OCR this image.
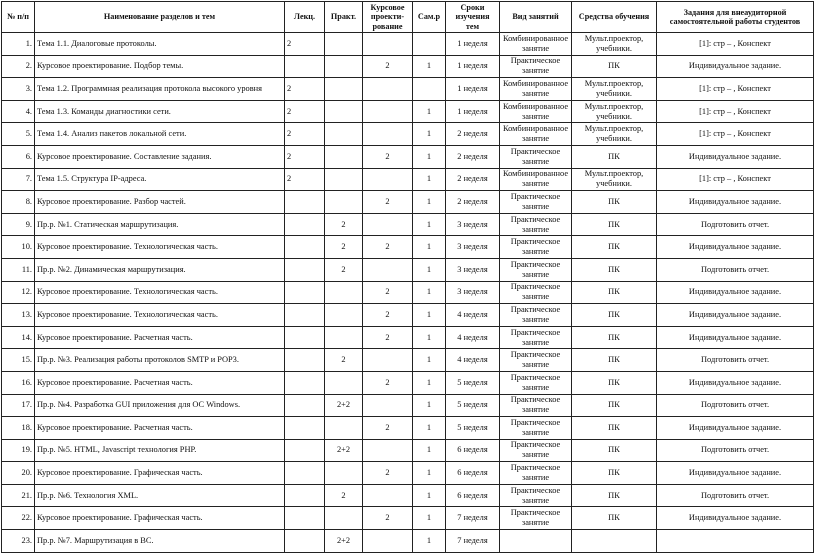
№ п/п	Наименование разделов и тем	Лекц.	Практ.	Курсовое проекти-рование	Сам.р	Сроки изучения тем	Вид занятий	Средства обучения	Задания для внеаудиторной самостоятельной работы студентов
1.	Тема 1.1. Диалоговые протоколы.	2				1 неделя	Комбинированное занятие	Мульт.проектор, учебники.	[1]: стр – , Конспект
2.	Курсовое проектирование. Подбор темы.			2	1	1 неделя	Практическое занятие	ПК	Индивидуальное задание.
3.	Тема 1.2. Программная реализация протокола высокого уровня	2				1 неделя	Комбинированное занятие	Мульт.проектор, учебники.	[1]: стр – , Конспект
4.	Тема 1.3. Команды диагностики сети.	2			1	1 неделя	Комбинированное занятие	Мульт.проектор, учебники.	[1]: стр – , Конспект
5.	Тема 1.4. Анализ пакетов локальной сети.	2			1	2 неделя	Комбинированное занятие	Мульт.проектор, учебники.	[1]: стр – , Конспект
6.	Курсовое проектирование. Составление задания.	2		2	1	2 неделя	Практическое занятие	ПК	Индивидуальное задание.
7.	Тема 1.5. Структура IP-адреса.	2			1	2 неделя	Комбинированное занятие	Мульт.проектор, учебники.	[1]: стр – , Конспект
8.	Курсовое проектирование. Разбор частей.			2	1	2 неделя	Практическое занятие	ПК	Индивидуальное задание.
9.	Пр.р. №1. Статическая маршрутизация.		2		1	3 неделя	Практическое занятие	ПК	Подготовить отчет.
10.	Курсовое проектирование. Технологическая часть.		2	2	1	3 неделя	Практическое занятие	ПК	Индивидуальное задание.
11.	Пр.р. №2. Динамическая маршрутизация.		2		1	3 неделя	Практическое занятие	ПК	Подготовить отчет.
12.	Курсовое проектирование. Технологическая часть.			2	1	3 неделя	Практическое занятие	ПК	Индивидуальное задание.
13.	Курсовое проектирование. Технологическая часть.			2	1	4 неделя	Практическое занятие	ПК	Индивидуальное задание.
14.	Курсовое проектирование. Расчетная часть.			2	1	4 неделя	Практическое занятие	ПК	Индивидуальное задание.
15.	Пр.р. №3. Реализация работы протоколов SMTP и POP3.		2		1	4 неделя	Практическое занятие	ПК	Подготовить отчет.
16.	Курсовое проектирование. Расчетная часть.			2	1	5 неделя	Практическое занятие	ПК	Индивидуальное задание.
17.	Пр.р. №4. Разработка GUI приложения для ОС Windows.		2+2		1	5 неделя	Практическое занятие	ПК	Подготовить отчет.
18.	Курсовое проектирование. Расчетная часть.			2	1	5 неделя	Практическое занятие	ПК	Индивидуальное задание.
19.	Пр.р. №5. HTML, Javascript технология PHP.		2+2		1	6 неделя	Практическое занятие	ПК	Подготовить отчет.
20.	Курсовое проектирование. Графическая часть.			2	1	6 неделя	Практическое занятие	ПК	Индивидуальное задание.
21.	Пр.р. №6. Технология XML.		2		1	6 неделя	Практическое занятие	ПК	Подготовить отчет.
22.	Курсовое проектирование. Графическая часть.			2	1	7 неделя	Практическое занятие	ПК	Индивидуальное задание.
23.	Пр.р. №7. Маршрутизация в ВС.		2+2		1	7 неделя			
